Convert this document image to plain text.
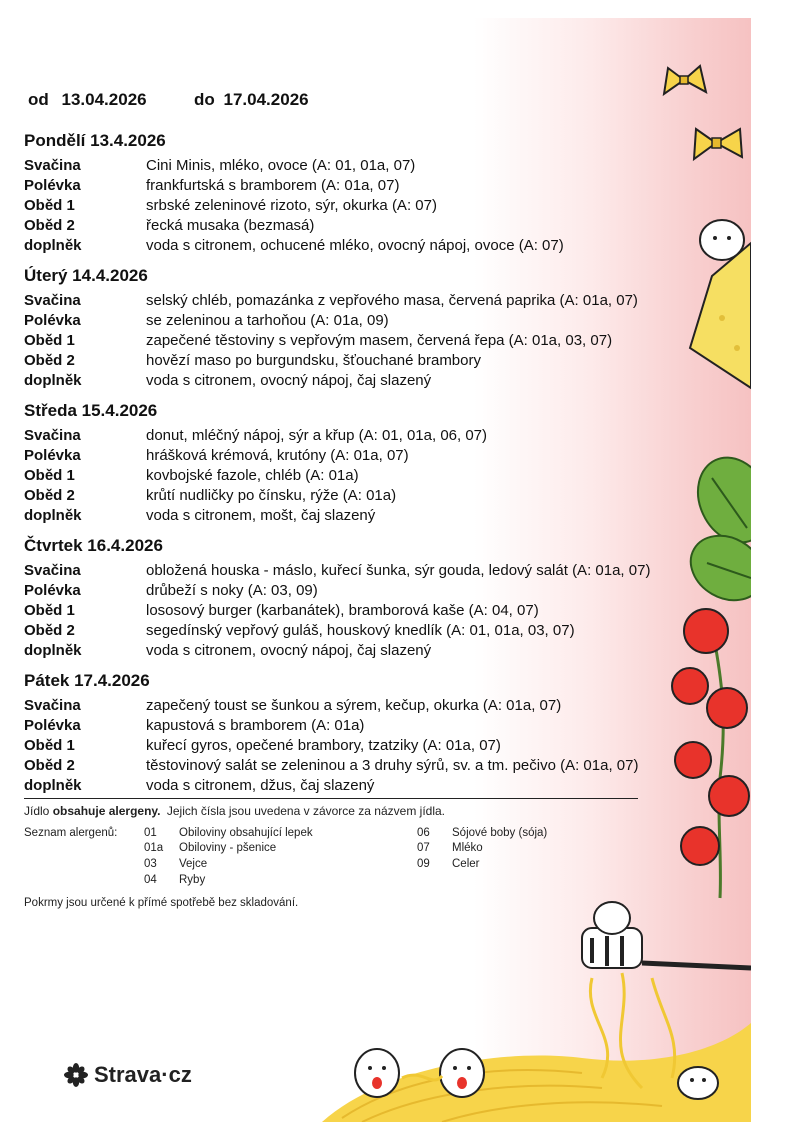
od 13.04.2026	do 17.04.2026
Pondělí 13.4.2026
Svačina	Cini Minis, mléko, ovoce (A: 01, 01a, 07)
Polévka	frankfurtská s bramborem (A: 01a, 07)
Oběd 1	srbské zeleninové rizoto, sýr, okurka (A: 07)
Oběd 2	řecká musaka (bezmasá)
doplněk	voda s citronem, ochucené mléko, ovocný nápoj, ovoce (A: 07)
Úterý 14.4.2026
Svačina	selský chléb, pomazánka z vepřového masa, červená paprika (A: 01a, 07)
Polévka	se zeleninou a tarhoňou (A: 01a, 09)
Oběd 1	zapečené těstoviny s vepřovým masem, červená řepa (A: 01a, 03, 07)
Oběd 2	hovězí maso po burgundsku, šťouchané brambory
doplněk	voda s citronem, ovocný nápoj, čaj slazený
Středa 15.4.2026
Svačina	donut, mléčný nápoj, sýr a křup (A: 01, 01a, 06, 07)
Polévka	hrášková krémová, krutóny (A: 01a, 07)
Oběd 1	kovbojské fazole, chléb (A: 01a)
Oběd 2	krůtí nudličky po čínsku, rýže (A: 01a)
doplněk	voda s citronem, mošt, čaj slazený
Čtvrtek 16.4.2026
Svačina	obložená houska - máslo, kuřecí šunka, sýr gouda, ledový salát (A: 01a, 07)
Polévka	drůbeží s noky (A: 03, 09)
Oběd 1	lososový burger (karbanátek), bramborová kaše (A: 04, 07)
Oběd 2	segedínský vepřový guláš, houskový knedlík (A: 01, 01a, 03, 07)
doplněk	voda s citronem, ovocný nápoj, čaj slazený
Pátek 17.4.2026
Svačina	zapečený toust se šunkou a sýrem, kečup, okurka (A: 01a, 07)
Polévka	kapustová s bramborem (A: 01a)
Oběd 1	kuřecí gyros, opečené brambory, tzatziky (A: 01a, 07)
Oběd 2	těstovinový salát se zeleninou a 3 druhy sýrů, sv. a tm. pečivo (A: 01a, 07)
doplněk	voda s citronem, džus, čaj slazený
Jídlo obsahuje alergeny. Jejich čísla jsou uvedena v závorce za názvem jídla.
Seznam alergenů: 01 Obiloviny obsahující lepek
01a Obiloviny - pšenice
03 Vejce
04 Ryby
06 Sójové boby (sója)
07 Mléko
09 Celer
Pokrmy jsou určené k přímé spotřebě bez skladování.
Strava·cz
